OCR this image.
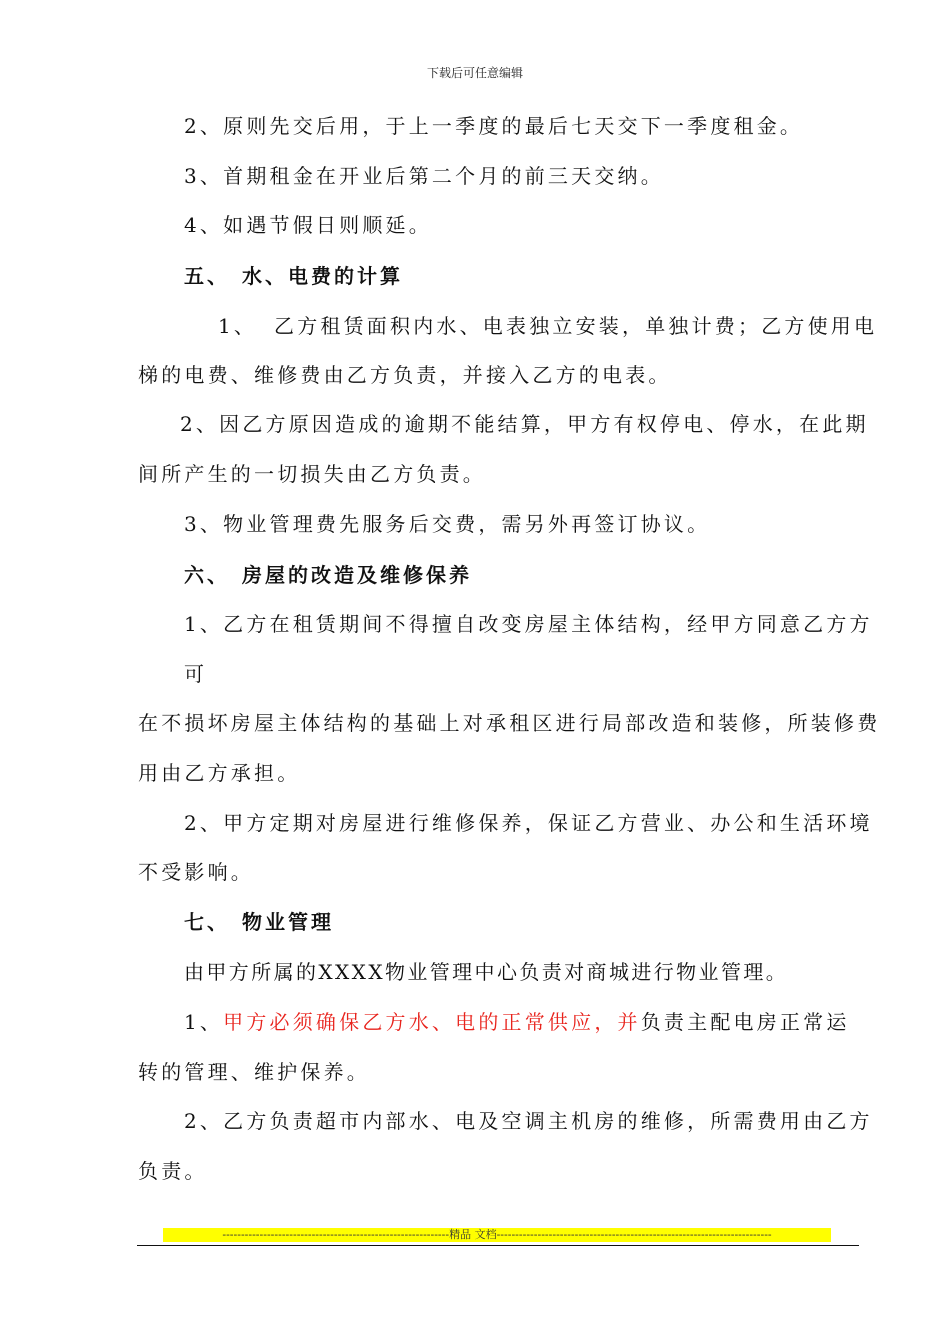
下载后可任意编辑
2、原则先交后用，于上一季度的最后七天交下一季度租金。
3、首期租金在开业后第二个月的前三天交纳。
4、如遇节假日则顺延。
五、 水、电费的计算
1、 乙方租赁面积内水、电表独立安装，单独计费；乙方使用电
梯的电费、维修费由乙方负责，并接入乙方的电表。
2、因乙方原因造成的逾期不能结算，甲方有权停电、停水，在此期
间所产生的一切损失由乙方负责。
3、物业管理费先服务后交费，需另外再签订协议。
六、 房屋的改造及维修保养
1、乙方在租赁期间不得擅自改变房屋主体结构，经甲方同意乙方方
可
在不损坏房屋主体结构的基础上对承租区进行局部改造和装修，所装修费
用由乙方承担。
2、甲方定期对房屋进行维修保养，保证乙方营业、办公和生活环境
不受影响。
七、 物业管理
由甲方所属的XXXX物业管理中心负责对商城进行物业管理。
1、甲方必须确保乙方水、电的正常供应，并负责主配电房正常运
转的管理、维护保养。
2、乙方负责超市内部水、电及空调主机房的维修，所需费用由乙方
负责。
-------------------------------------------------------------精品 文档--------------------------------------------------------------------------
